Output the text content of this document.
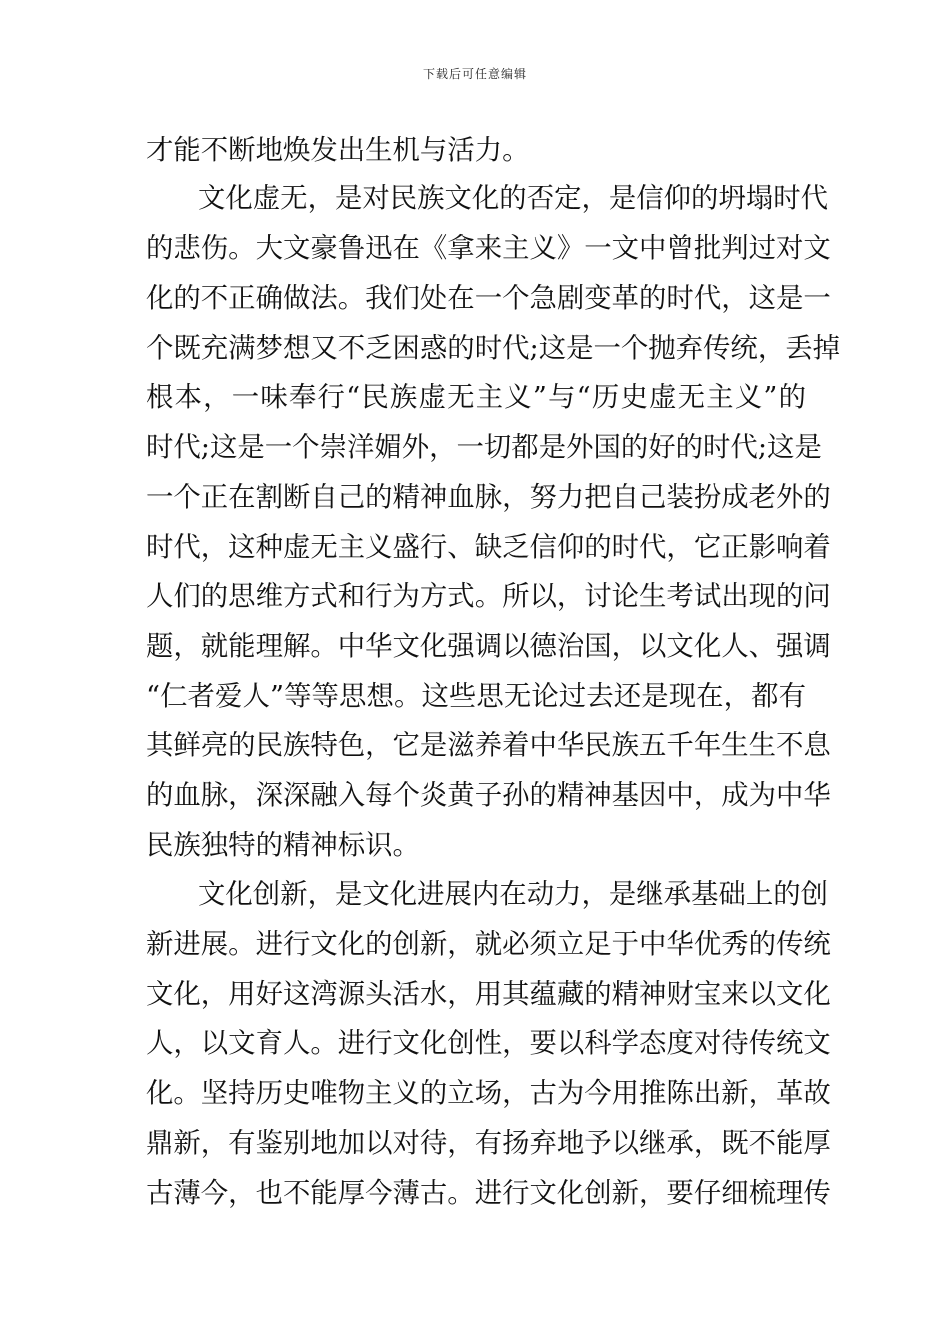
下载后可任意编辑
才能不断地焕发出生机与活力。
文化虚无，是对民族文化的否定，是信仰的坍塌时代
的悲伤。大文豪鲁迅在《拿来主义》一文中曾批判过对文
化的不正确做法。我们处在一个急剧变革的时代，这是一
个既充满梦想又不乏困惑的时代;这是一个抛弃传统，丢掉
根本，一味奉行“民族虚无主义”与“历史虚无主义”的
时代;这是一个崇洋媚外，一切都是外国的好的时代;这是
一个正在割断自己的精神血脉，努力把自己装扮成老外的
时代，这种虚无主义盛行、缺乏信仰的时代，它正影响着
人们的思维方式和行为方式。所以，讨论生考试出现的问
题，就能理解。中华文化强调以德治国，以文化人、强调
“仁者爱人”等等思想。这些思无论过去还是现在，都有
其鲜亮的民族特色，它是滋养着中华民族五千年生生不息
的血脉，深深融入每个炎黄子孙的精神基因中，成为中华
民族独特的精神标识。
文化创新，是文化进展内在动力，是继承基础上的创
新进展。进行文化的创新，就必须立足于中华优秀的传统
文化，用好这湾源头活水，用其蕴藏的精神财宝来以文化
人，以文育人。进行文化创性，要以科学态度对待传统文
化。坚持历史唯物主义的立场，古为今用推陈出新，革故
鼎新，有鉴别地加以对待，有扬弃地予以继承，既不能厚
古薄今，也不能厚今薄古。进行文化创新，要仔细梳理传
